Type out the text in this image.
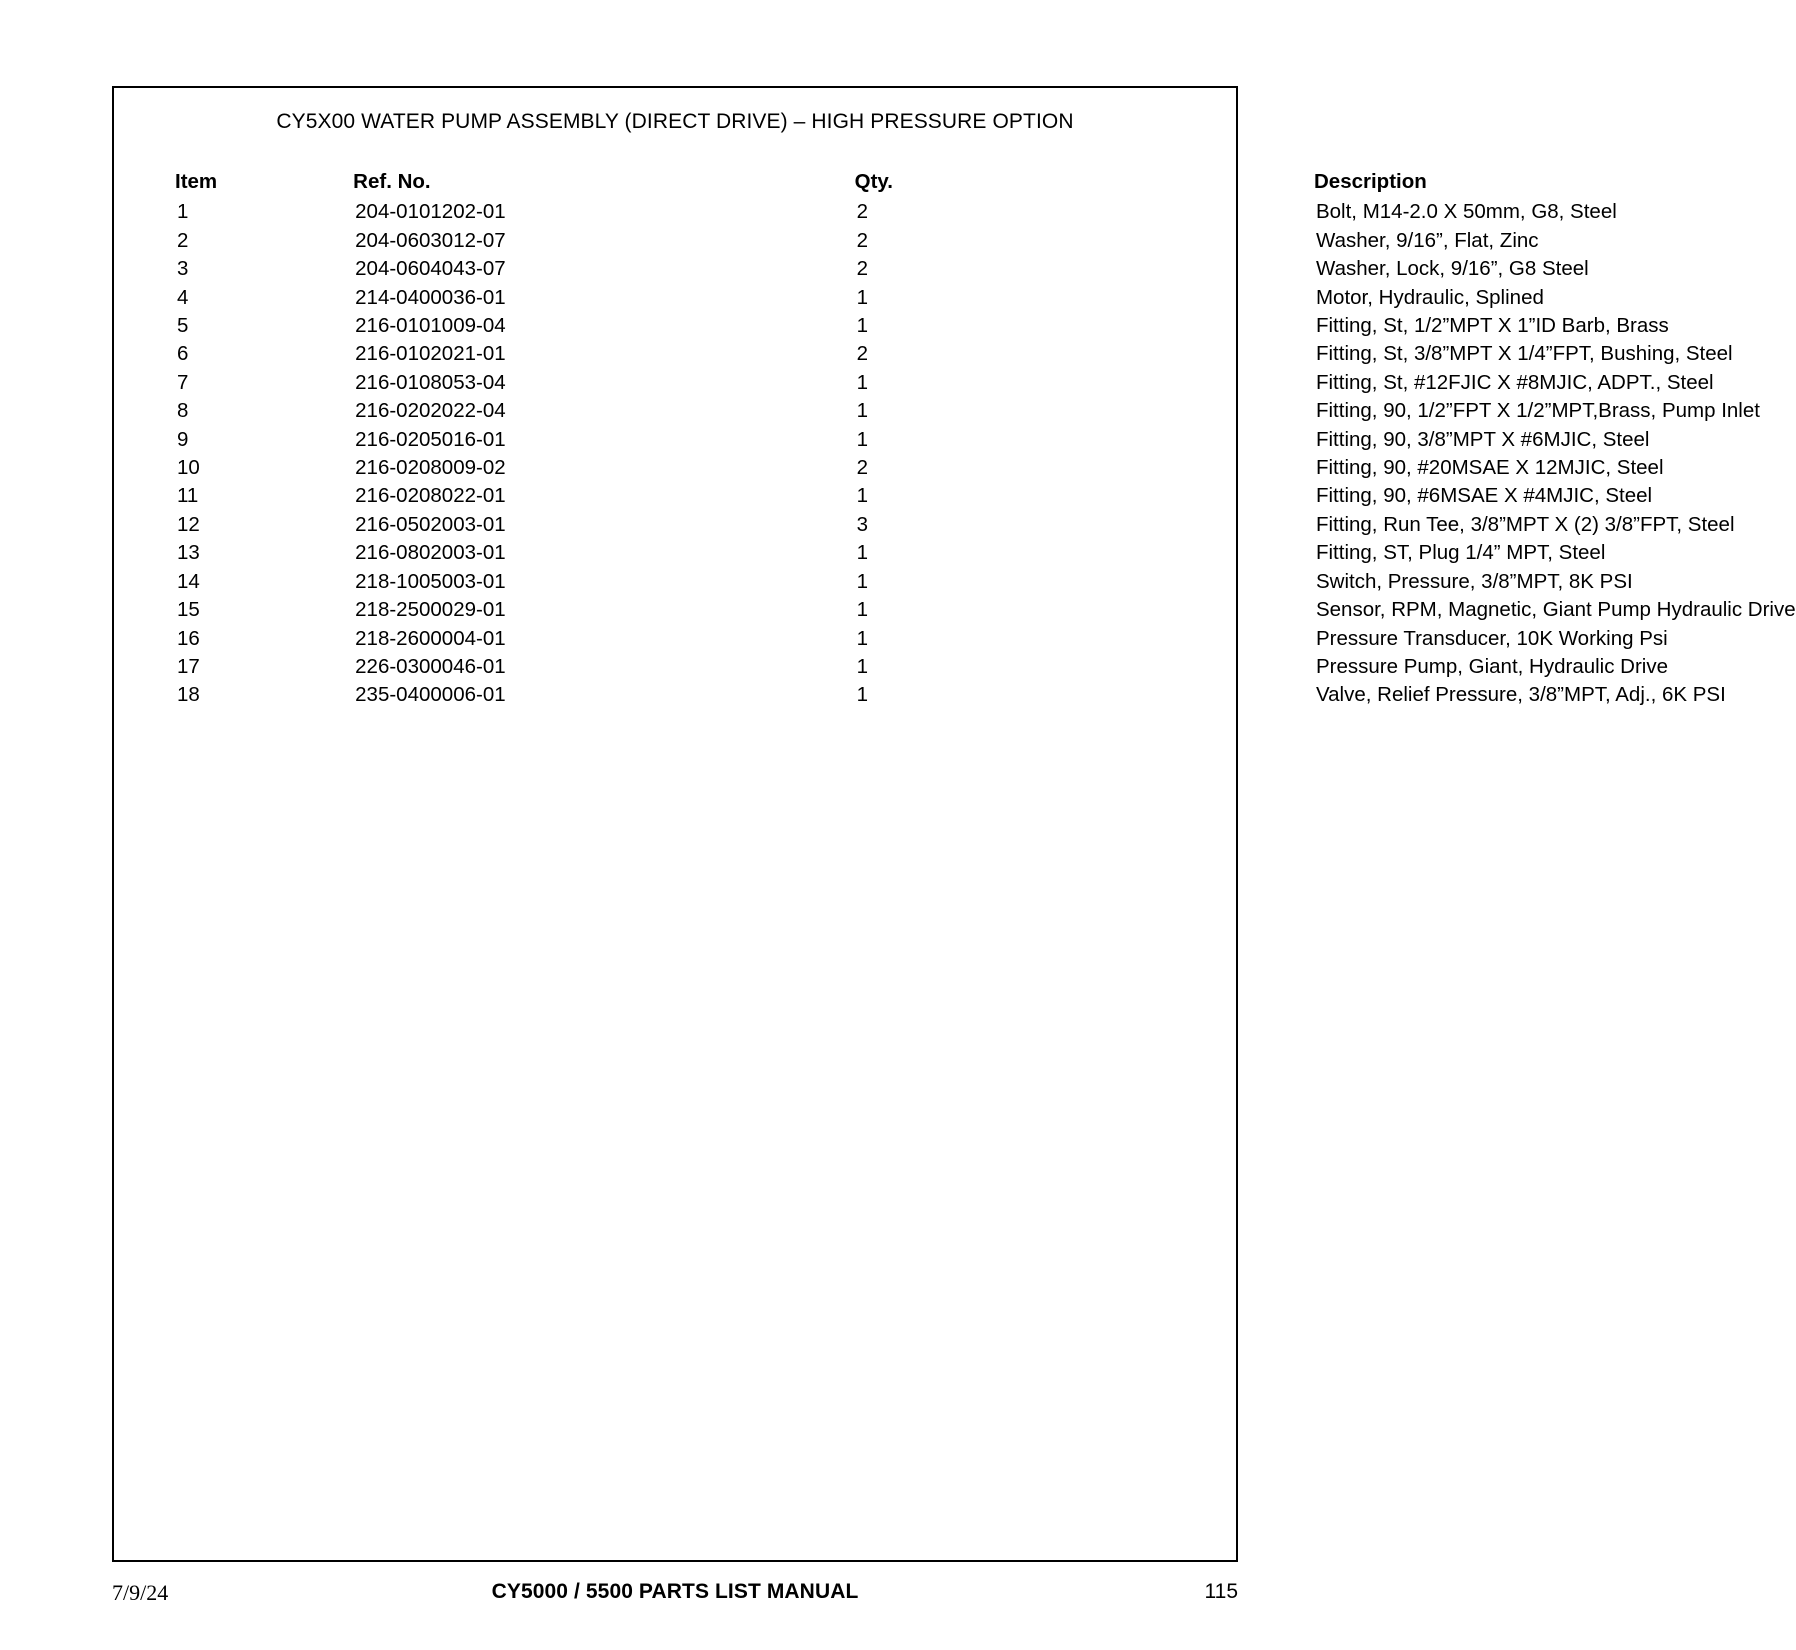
CY5X00 WATER PUMP ASSEMBLY (DIRECT DRIVE) – HIGH PRESSURE OPTION
Item	Ref. No.	Qty.	Description
1	204-0101202-01	2	Bolt, M14-2.0 X 50mm, G8, Steel
2	204-0603012-07	2	Washer, 9/16”, Flat, Zinc
3	204-0604043-07	2	Washer, Lock, 9/16”, G8 Steel
4	214-0400036-01	1	Motor, Hydraulic, Splined
5	216-0101009-04	1	Fitting, St, 1/2”MPT X 1”ID Barb, Brass
6	216-0102021-01	2	Fitting, St, 3/8”MPT X 1/4”FPT, Bushing, Steel
7	216-0108053-04	1	Fitting, St, #12FJIC X #8MJIC, ADPT., Steel
8	216-0202022-04	1	Fitting, 90, 1/2”FPT X 1/2”MPT,Brass, Pump Inlet
9	216-0205016-01	1	Fitting, 90, 3/8”MPT X #6MJIC, Steel
10	216-0208009-02	2	Fitting, 90, #20MSAE X 12MJIC, Steel
11	216-0208022-01	1	Fitting, 90, #6MSAE X #4MJIC, Steel
12	216-0502003-01	3	Fitting, Run Tee, 3/8”MPT X (2) 3/8”FPT, Steel
13	216-0802003-01	1	Fitting, ST, Plug 1/4” MPT, Steel
14	218-1005003-01	1	Switch, Pressure, 3/8”MPT, 8K PSI
15	218-2500029-01	1	Sensor, RPM, Magnetic, Giant Pump Hydraulic Drive
16	218-2600004-01	1	Pressure Transducer, 10K Working Psi
17	226-0300046-01	1	Pressure Pump, Giant, Hydraulic Drive
18	235-0400006-01	1	Valve, Relief Pressure, 3/8”MPT, Adj., 6K PSI
7/9/24	CY5000 / 5500 PARTS LIST MANUAL	115
